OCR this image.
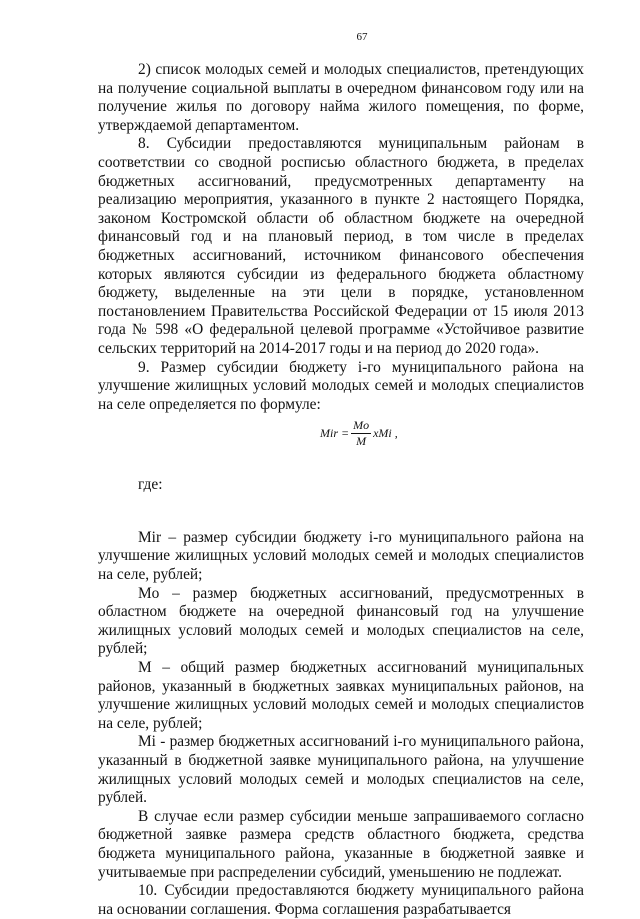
67

2) список молодых семей и молодых специалистов, претендующих на получение социальной выплаты в очередном финансовом году или на получение жилья по договору найма жилого помещения, по форме, утверждаемой департаментом.

8. Субсидии предоставляются муниципальным районам в соответствии со сводной росписью областного бюджета, в пределах бюджетных ассигнований, предусмотренных департаменту на реализацию мероприятия, указанного в пункте 2 настоящего Порядка, законом Костромской области об областном бюджете на очередной финансовый год и на плановый период, в том числе в пределах бюджетных ассигнований, источником финансового обеспечения которых являются субсидии из федерального бюджета областному бюджету, выделенные на эти цели в порядке, установленном постановлением Правительства Российской Федерации от 15 июля 2013 года № 598 «О федеральной целевой программе «Устойчивое развитие сельских территорий на 2014-2017 годы и на период до 2020 года».

9. Размер субсидии бюджету i-го муниципального района на улучшение жилищных условий молодых семей и молодых специалистов на селе определяется по формуле:

Mir = $\frac{Mo}{M}$ xMi ,

где:

Mir – размер субсидии бюджету i-го муниципального района на улучшение жилищных условий молодых семей и молодых специалистов на селе, рублей;

Mo – размер бюджетных ассигнований, предусмотренных в областном бюджете на очередной финансовый год на улучшение жилищных условий молодых семей и молодых специалистов на селе, рублей;

M – общий размер бюджетных ассигнований муниципальных районов, указанный в бюджетных заявках муниципальных районов, на улучшение жилищных условий молодых семей и молодых специалистов на селе, рублей;

Mi - размер бюджетных ассигнований i-го муниципального района, указанный в бюджетной заявке муниципального района, на улучшение жилищных условий молодых семей и молодых специалистов на селе, рублей.

В случае если размер субсидии меньше запрашиваемого согласно бюджетной заявке размера средств областного бюджета, средства бюджета муниципального района, указанные в бюджетной заявке и учитываемые при распределении субсидий, уменьшению не подлежат.

10. Субсидии предоставляются бюджету муниципального района на основании соглашения. Форма соглашения разрабатывается
